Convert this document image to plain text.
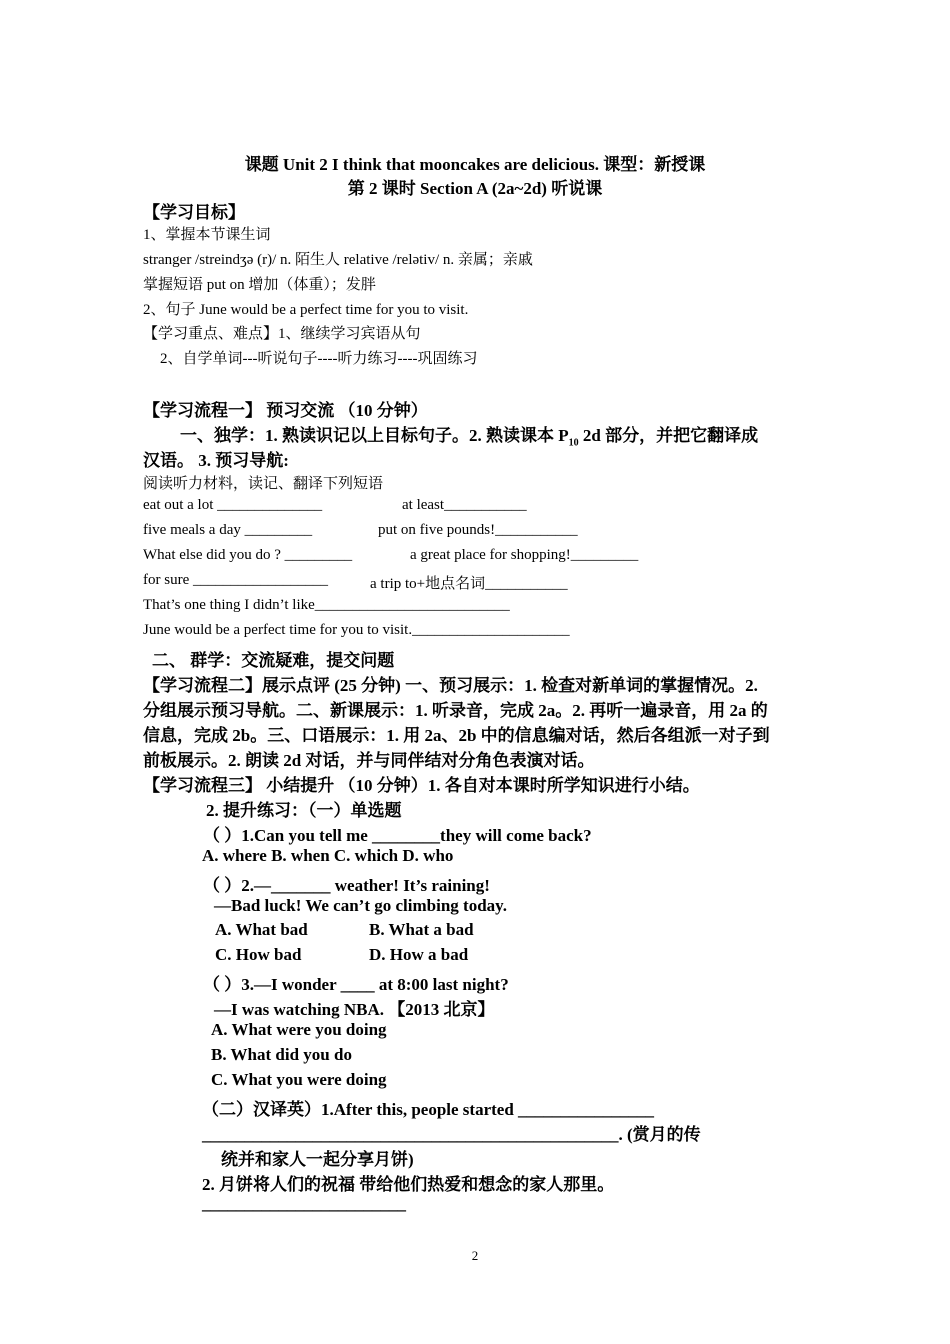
课题 Unit 2 I think that mooncakes are delicious. 课型：新授课
第 2 课时 Section A (2a~2d) 听说课
【学习目标】
1、掌握本节课生词
stranger /streindʒə (r)/ n. 陌生人 relative /relətiv/ n. 亲属；亲戚
掌握短语 put on 增加（体重）；发胖
2、句子 June would be a perfect time for you to visit.
【学习重点、难点】1、继续学习宾语从句
2、自学单词---听说句子----听力练习----巩固练习
【学习流程一】 预习交流 （10 分钟）
一、独学：1. 熟读识记以上目标句子。2. 熟读课本 $P_{10}$ 2d 部分，并把它翻译成
汉语。 3. 预习导航:
阅读听力材料，读记、翻译下列短语
eat out a lot ______________	at least___________
five meals a day _________	put on five pounds!___________
What else did you do ? _________	a great place for shopping!_________
for sure __________________	a trip to+地点名词___________
That’s one thing I didn’t like__________________________
June would be a perfect time for you to visit._____________________
二、 群学：交流疑难，提交问题
【学习流程二】展示点评 (25 分钟) 一、预习展示：1. 检查对新单词的掌握情况。2.
分组展示预习导航。二、新课展示：1. 听录音，完成 2a。2. 再听一遍录音，用 2a 的
信息，完成 2b。三、口语展示：1. 用 2a、2b 中的信息编对话，然后各组派一对子到
前板展示。2. 朗读 2d 对话，并与同伴结对分角色表演对话。
【学习流程三】 小结提升 （10 分钟）1. 各自对本课时所学知识进行小结。
2. 提升练习：（一）单选题
（ ）1.Can you tell me ________they will come back?
A. where B. when C. which D. who
（ ）2.—_______ weather! It’s raining!
—Bad luck! We can’t go climbing today.
A. What bad	B. What a bad
C. How bad	D. How a bad
（ ）3.—I wonder ____ at 8:00 last night?
—I was watching NBA. 【2013 北京】
A. What were you doing
B. What did you do
C. What you were doing
（二）汉译英）1.After this, people started ________________
_________________________________________________. (赏月的传
统并和家人一起分享月饼)
2. 月饼将人们的祝福 带给他们热爱和想念的家人那里。
________________________
2
